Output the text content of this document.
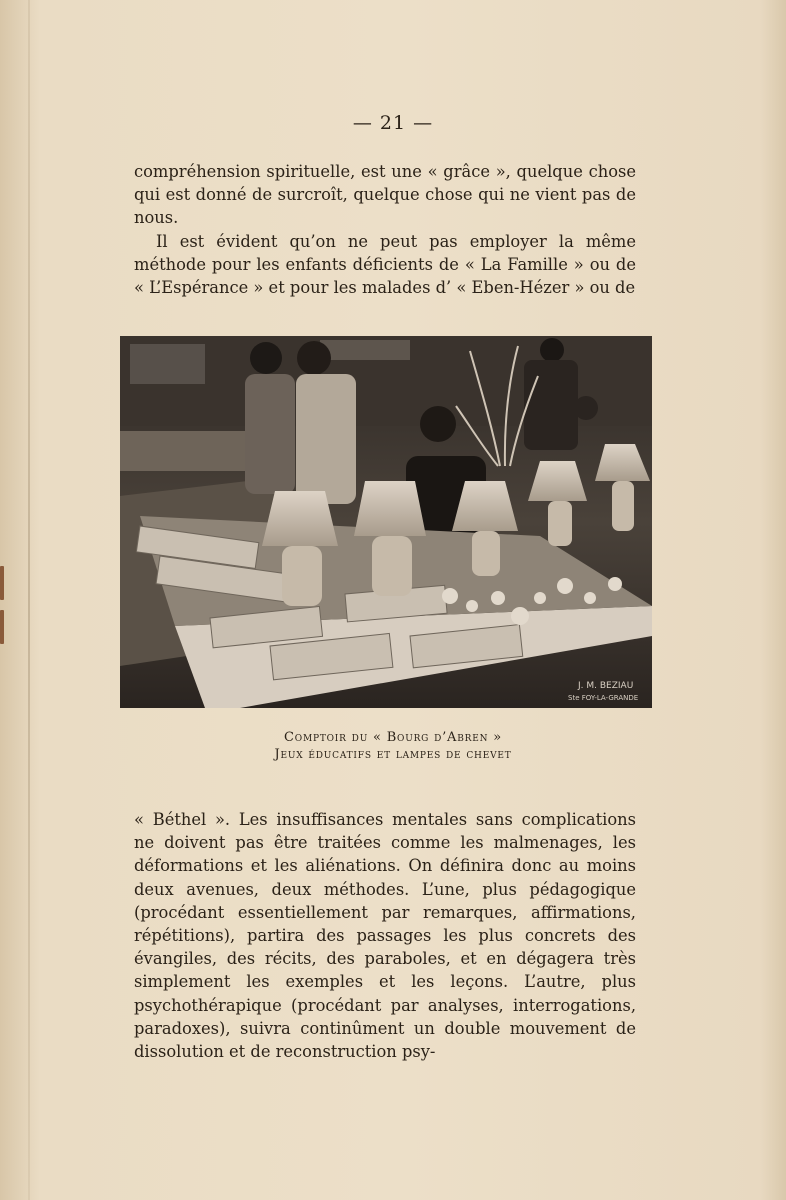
— 21 —

compréhension spirituelle, est une « grâce », quelque chose qui est donné de surcroît, quelque chose qui ne vient pas de nous.

Il est évident qu’on ne peut pas employer la même méthode pour les enfants déficients de « La Famille » ou de « L’Espérance » et pour les malades d’ « Eben-Hézer » ou de

J. M. BEZIAU
Ste FOY-LA-GRANDE
Comptoir du « Bourg d’Abren »
Jeux éducatifs et lampes de chevet

« Béthel ». Les insuffisances mentales sans complications ne doivent pas être traitées comme les malmenages, les déformations et les aliénations. On définira donc au moins deux avenues, deux méthodes. L’une, plus pédagogique (procédant essentiellement par remarques, affirmations, répétitions), partira des passages les plus concrets des évangiles, des récits, des paraboles, et en dégagera très simplement les exemples et les leçons. L’autre, plus psychothérapique (procédant par analyses, interrogations, paradoxes), suivra continûment un double mouvement de dissolution et de reconstruction psy-
